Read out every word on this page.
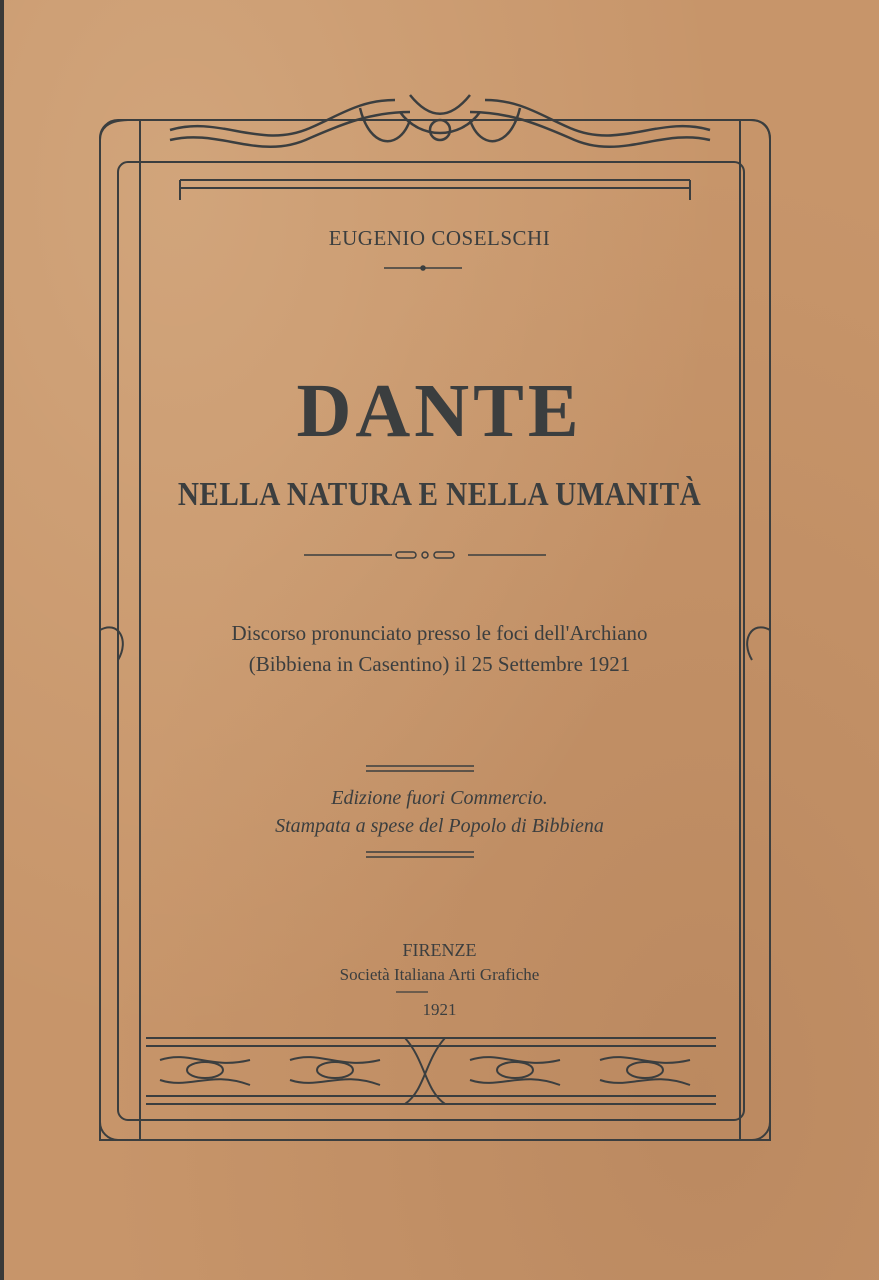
EUGENIO COSELSCHI

DANTE
NELLA NATURA E NELLA UMANITÀ

Discorso pronunciato presso le foci dell'Archiano

(Bibbiena in Casentino) il 25 Settembre 1921

Edizione fuori Commercio.

Stampata a spese del Popolo di Bibbiena

FIRENZE

Società Italiana Arti Grafiche

1921
